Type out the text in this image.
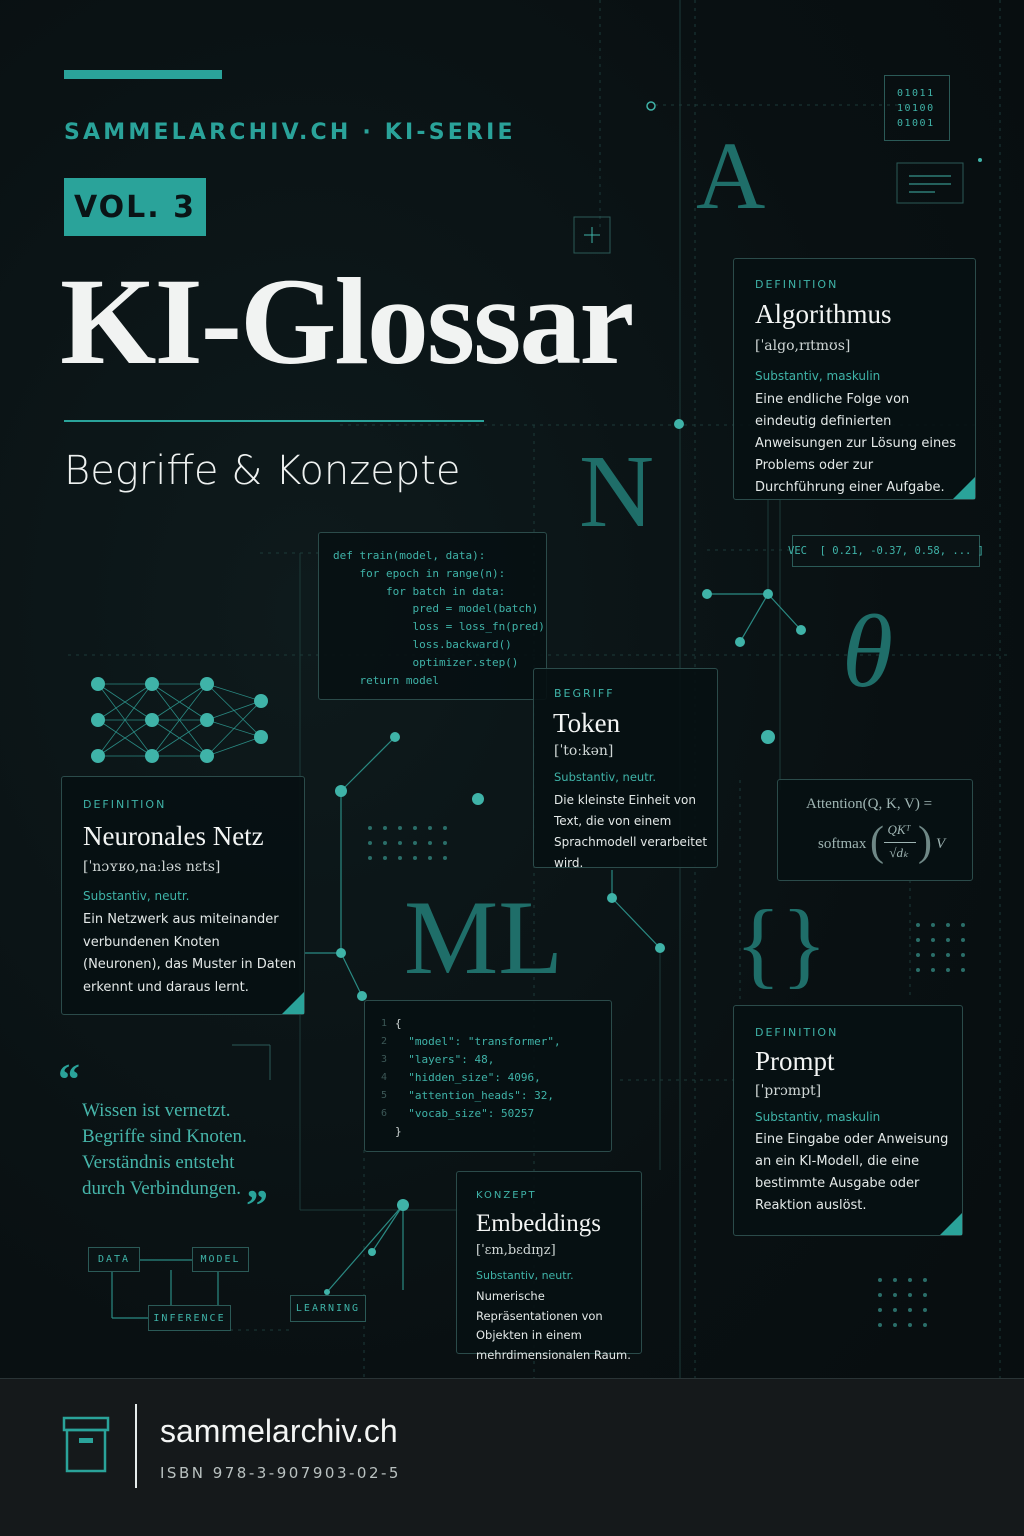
SAMMELARCHIV.CH · KI-SERIE
VOL. 3
KI-Glossar
Begriffe & Konzepte
A
N
θ
ML {}
01011
10100
01001
VEC  [ 0.21, -0.37, 0.58, ... ]
DEFINITION
Algorithmus
[ˈalgo,rɪtmʊs]
Substantiv, maskulin
Eine endliche Folge von eindeutig definierten Anweisungen zur Lösung eines Problems oder zur Durchführung einer Aufgabe.
def train(model, data):
for epoch in range(n):
for batch in data:
pred = model(batch)
loss = loss_fn(pred)
loss.backward()
optimizer.step()
return model
BEGRIFF
Token
[ˈtoːkən]
Substantiv, neutr.
Die kleinste Einheit von Text, die von einem Sprachmodell verarbeitet wird.
Attention(Q, K, V) =
softmax ( QKᵀ
√dₖ ) V
DEFINITION
Neuronales Netz
[ˈnɔʏʁo,naːləs nɛts]
Substantiv, neutr.
Ein Netzwerk aus miteinander verbundenen Knoten (Neuronen), das Muster in Daten erkennt und daraus lernt.
1
2
3
4
5
6
{
"model": "transformer",
"layers": 48,
"hidden_size": 4096,
"attention_heads": 32,
"vocab_size": 50257
}
DEFINITION
Prompt
[ˈprɔmpt]
Substantiv, maskulin
Eine Eingabe oder Anweisung an ein KI-Modell, die eine bestimmte Ausgabe oder Reaktion auslöst.
“
Wissen ist vernetzt.
Begriffe sind Knoten.
Verständnis entsteht
durch Verbindungen. ”	KONZEPT
Embeddings
[ˈɛm,bɛdɪŋz]
Substantiv, neutr.
Numerische Repräsentationen von Objekten in einem mehrdimensionalen Raum.
DATA	MODEL
INFERENCE
LEARNING
sammelarchiv.ch
ISBN 978-3-907903-02-5
